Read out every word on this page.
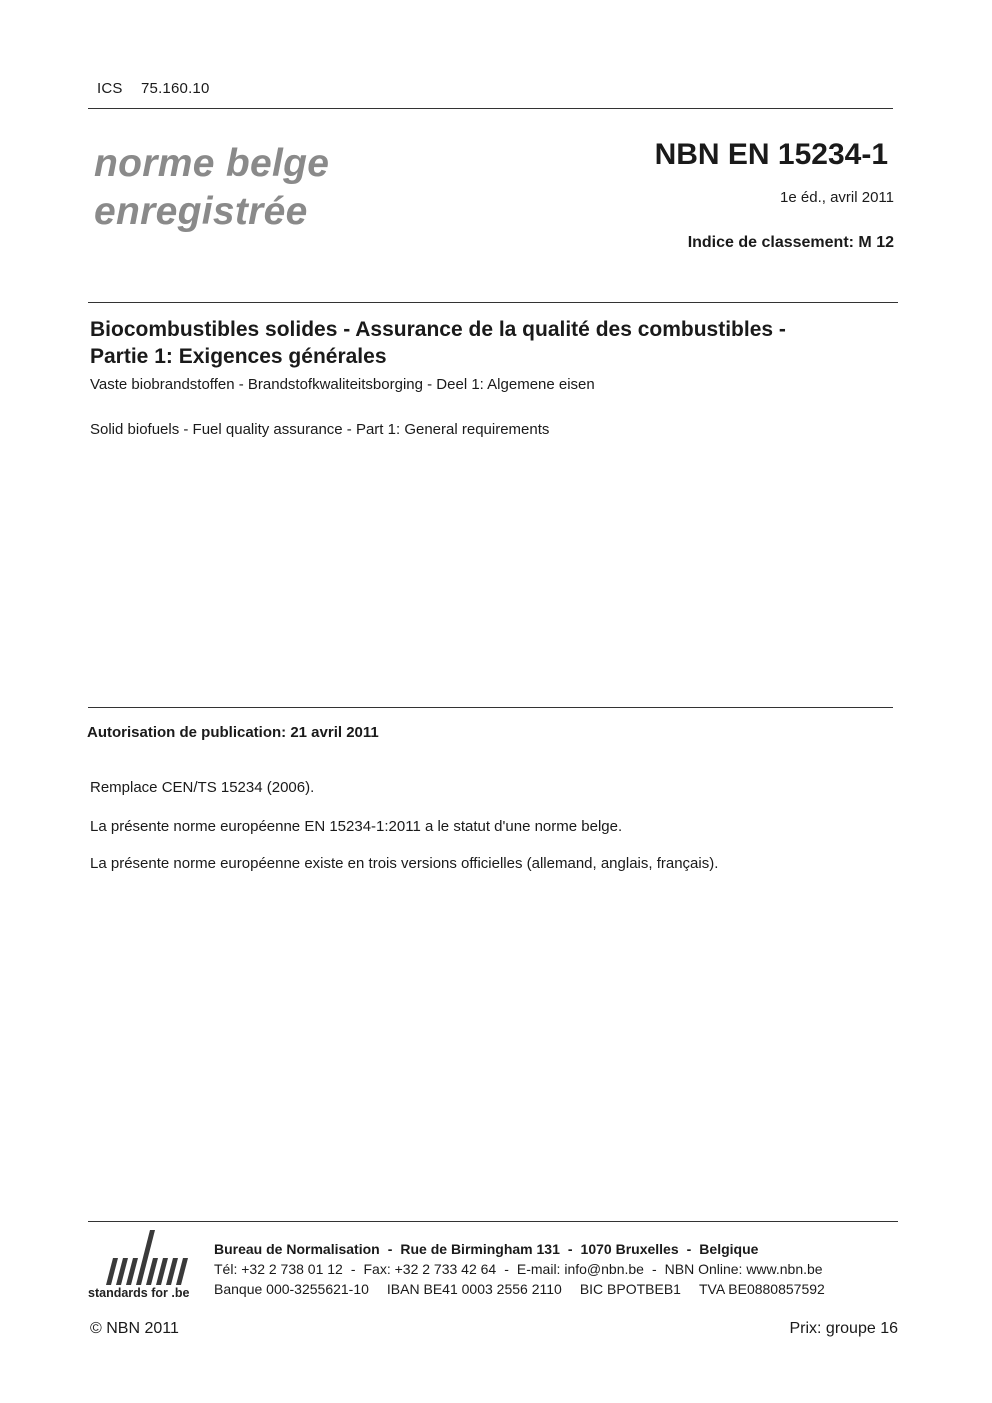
ICS 75.160.10
norme belge
enregistrée
NBN EN 15234-1
1e éd., avril 2011
Indice de classement: M 12
Biocombustibles solides - Assurance de la qualité des combustibles -
Partie 1: Exigences générales
Vaste biobrandstoffen - Brandstofkwaliteitsborging - Deel 1: Algemene eisen
Solid biofuels - Fuel quality assurance - Part 1: General requirements
Autorisation de publication: 21 avril 2011
Remplace CEN/TS 15234 (2006).
La présente norme européenne EN 15234-1:2011 a le statut d'une norme belge.
La présente norme européenne existe en trois versions officielles (allemand, anglais, français).
standards for .be
Bureau de Normalisation - Rue de Birmingham 131 - 1070 Bruxelles - Belgique
Tél: +32 2 738 01 12 - Fax: +32 2 733 42 64 - E-mail: info@nbn.be - NBN Online: www.nbn.be
Banque 000-3255621-10 IBAN BE41 0003 2556 2110 BIC BPOTBEB1 TVA BE0880857592
© NBN 2011	Prix: groupe 16
